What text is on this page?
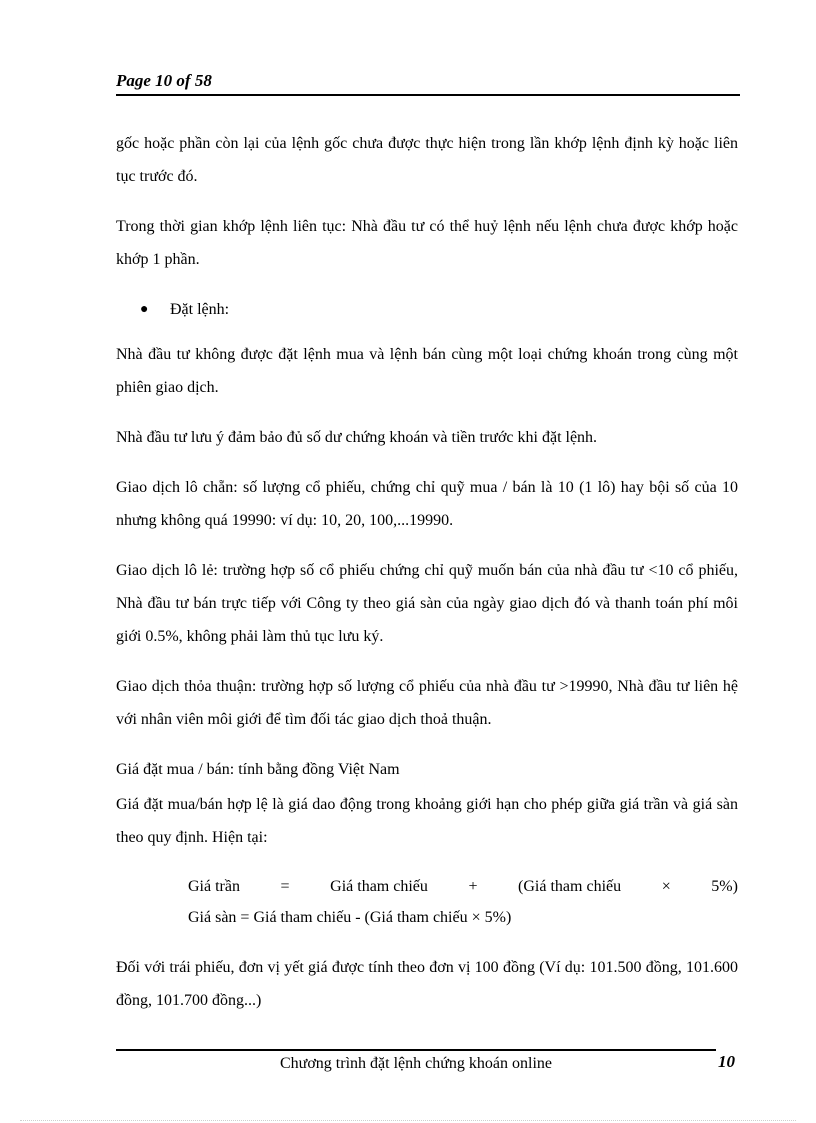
Page 10 of 58

gốc hoặc phần còn lại của lệnh gốc chưa được thực hiện trong lần khớp lệnh định kỳ hoặc liên tục trước đó.

Trong thời gian khớp lệnh liên tục: Nhà đầu tư có thể huỷ lệnh nếu lệnh chưa được khớp hoặc khớp 1 phần.

● Đặt lệnh:

Nhà đầu tư không được đặt lệnh mua và lệnh bán cùng một loại chứng khoán trong cùng một phiên giao dịch.

Nhà đầu tư lưu ý đảm bảo đủ số dư chứng khoán và tiền trước khi đặt lệnh.

Giao dịch lô chẵn: số lượng cổ phiếu, chứng chỉ quỹ mua / bán là 10 (1 lô) hay bội số của 10 nhưng không quá 19990: ví dụ: 10, 20, 100,...19990.

Giao dịch lô lẻ: trường hợp số cổ phiếu chứng chỉ quỹ muốn bán của nhà đầu tư <10 cổ phiếu, Nhà đầu tư bán trực tiếp với Công ty theo giá sàn của ngày giao dịch đó và thanh toán phí môi giới 0.5%, không phải làm thủ tục lưu ký.

Giao dịch thỏa thuận: trường hợp số lượng cổ phiếu của nhà đầu tư >19990, Nhà đầu tư liên hệ với nhân viên môi giới để tìm đối tác giao dịch thoả thuận.

Giá đặt mua / bán: tính bằng đồng Việt Nam

Giá đặt mua/bán hợp lệ là giá dao động trong khoảng giới hạn cho phép giữa giá trần và giá sàn theo quy định. Hiện tại:

Giá trần	=	Giá tham chiếu	+	(Giá tham chiếu	×	5%)
Giá sàn = Giá tham chiếu - (Giá tham chiếu × 5%)

Đối với trái phiếu, đơn vị yết giá được tính theo đơn vị 100 đồng (Ví dụ: 101.500 đồng, 101.600 đồng, 101.700 đồng...)

Chương trình đặt lệnh chứng khoán online	10
